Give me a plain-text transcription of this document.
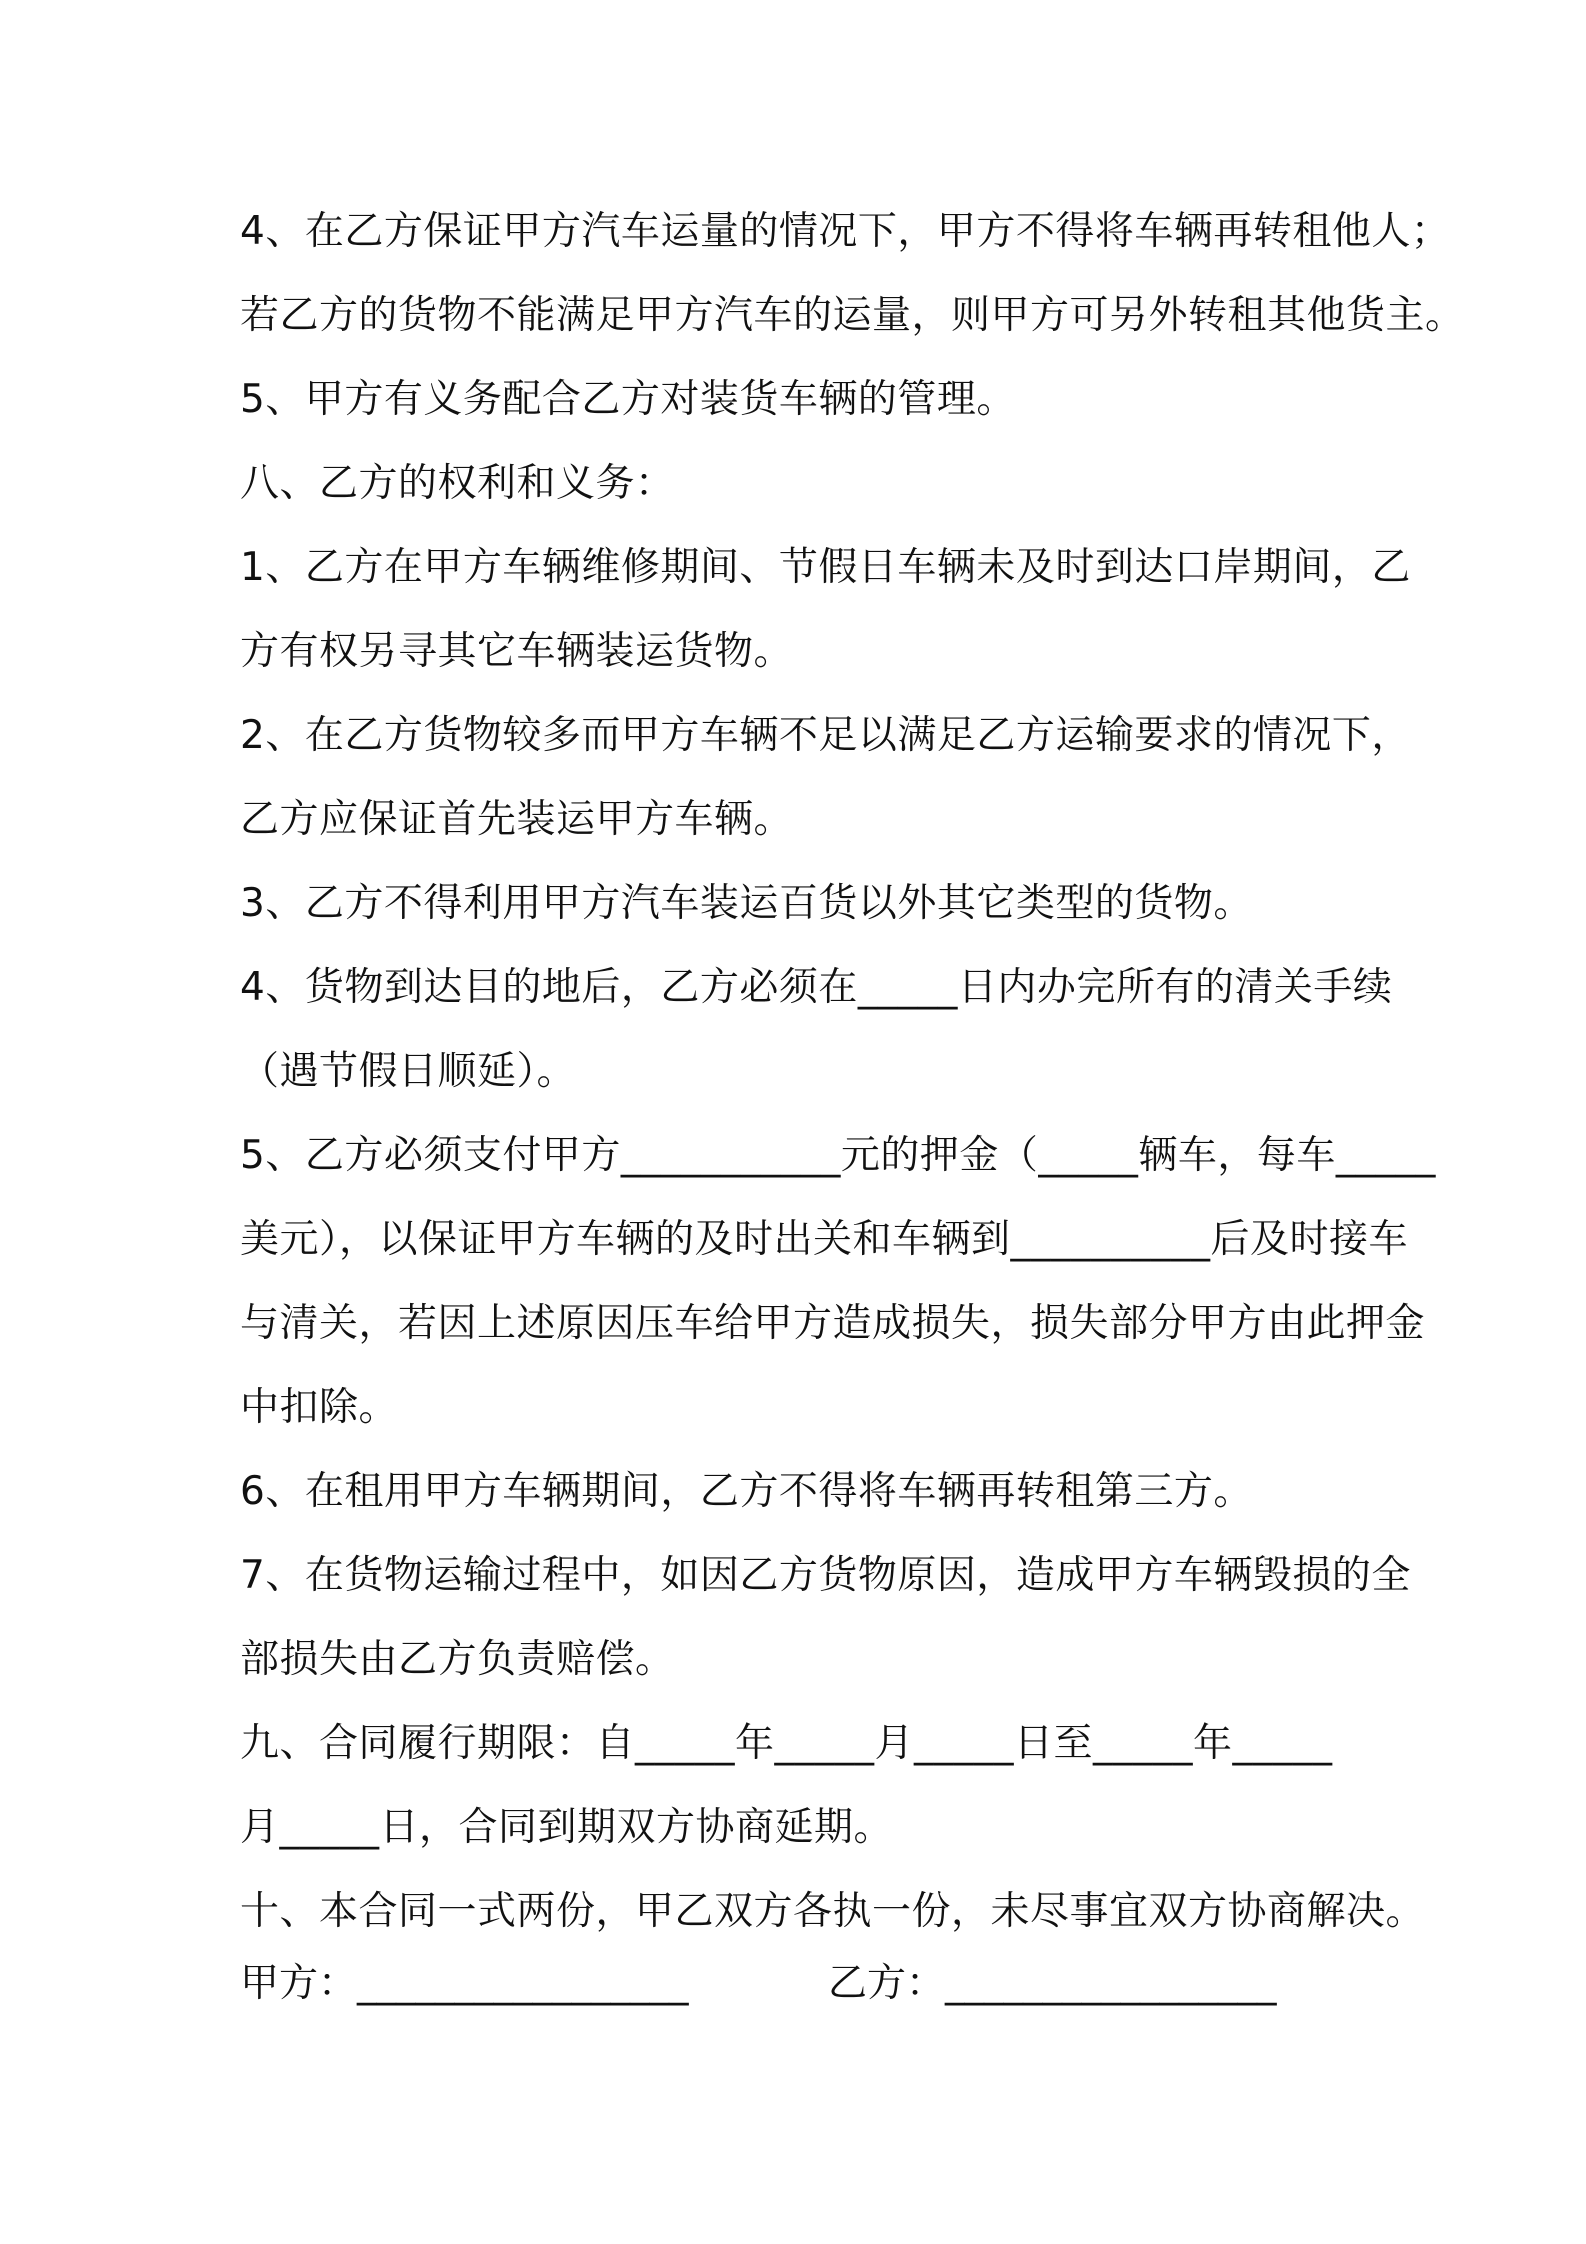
4、在乙方保证甲方汽车运量的情况下，甲方不得将车辆再转租他人；
若乙方的货物不能满足甲方汽车的运量，则甲方可另外转租其他货主。
5、甲方有义务配合乙方对装货车辆的管理。
八、乙方的权利和义务：
1、乙方在甲方车辆维修期间、节假日车辆未及时到达口岸期间，乙
方有权另寻其它车辆装运货物。
2、在乙方货物较多而甲方车辆不足以满足乙方运输要求的情况下，
乙方应保证首先装运甲方车辆。
3、乙方不得利用甲方汽车装运百货以外其它类型的货物。
4、货物到达目的地后，乙方必须在_____日内办完所有的清关手续
（遇节假日顺延）。
5、乙方必须支付甲方___________元的押金（_____辆车，每车_____
美元），以保证甲方车辆的及时出关和车辆到__________后及时接车
与清关，若因上述原因压车给甲方造成损失，损失部分甲方由此押金
中扣除。
6、在租用甲方车辆期间，乙方不得将车辆再转租第三方。
7、在货物运输过程中，如因乙方货物原因，造成甲方车辆毁损的全
部损失由乙方负责赔偿。
九、合同履行期限：自_____年_____月_____日至_____年_____
月_____日，合同到期双方协商延期。
十、本合同一式两份，甲乙双方各执一份，未尽事宜双方协商解决。
甲方：_________________	乙方：_________________
